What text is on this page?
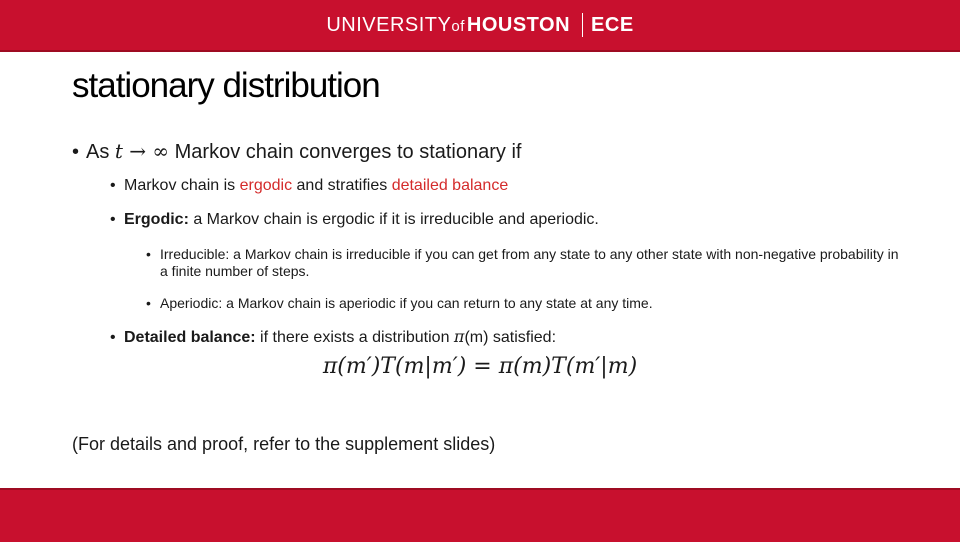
UNIVERSITY of HOUSTON ECE
stationary distribution
• As t → ∞ Markov chain converges to stationary if
• Markov chain is ergodic and stratifies detailed balance
• Ergodic: a Markov chain is ergodic if it is irreducible and aperiodic.
• Irreducible: a Markov chain is irreducible if you can get from any state to any other state with non-negative probability in a finite number of steps.
• Aperiodic: a Markov chain is aperiodic if you can return to any state at any time.
• Detailed balance: if there exists a distribution π(m) satisfied:
π(m′)T(m|m′) = π(m)T(m′|m)
(For details and proof, refer to the supplement slides)
